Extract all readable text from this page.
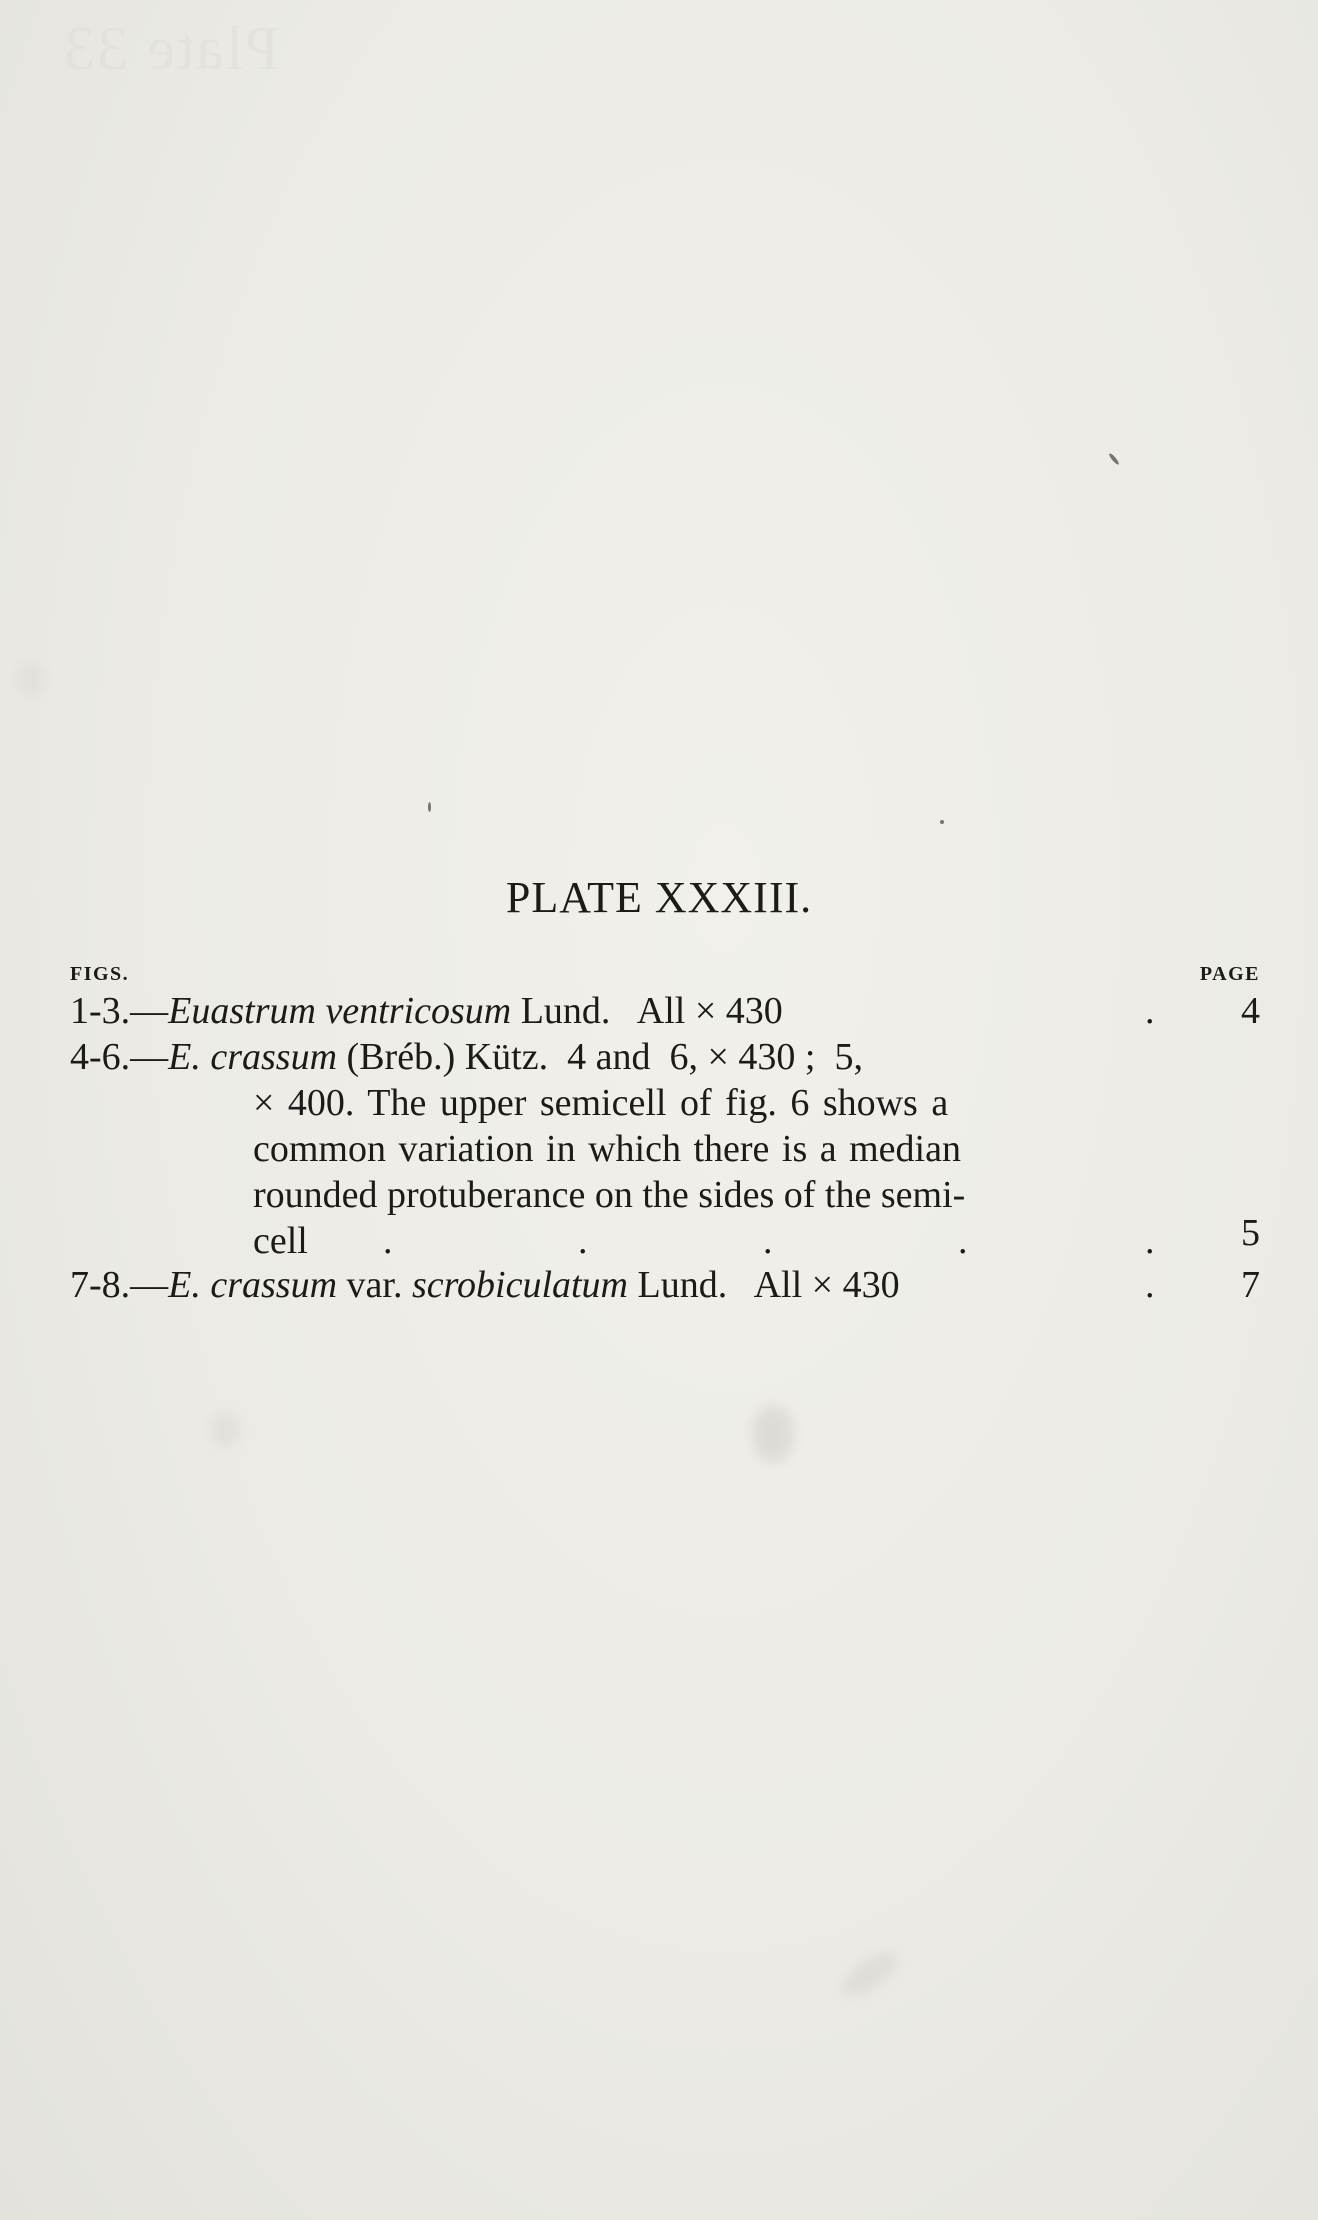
Plate 33
PLATE XXXIII.
FIGS.	PAGE
1-3.—Euastrum ventricosum Lund.   All × 430	. 4
4-6.—E. crassum (Bréb.) Kütz.  4 and  6, × 430 ;  5,
× 400. The upper semicell of fig. 6 shows a
common variation in which there is a median
rounded protuberance on the sides of the semi-
cell .	.	.	.	. 5
7-8.—E. crassum var. scrobiculatum Lund.   All × 430	. 7
